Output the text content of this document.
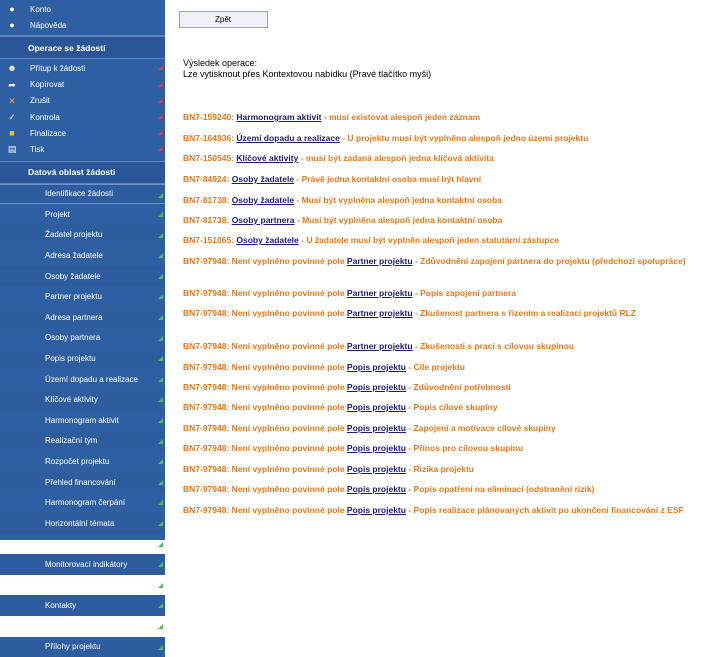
● Konto
● Nápověda
Operace se žádostí
☻ Přítup k žádosti
➦ Kopírovat
✕ Zrušit
✓ Kontrola
■ Finalizace
▤ Tisk
Datová oblast žádosti
Identifikace žádosti
Projekt
Žadatel projektu
Adresa žadatele
Osoby žadatele
Partner projektu
Adresa partnera
Osoby partnera
Popis projektu
Území dopadu a realizace
Klíčové aktivity
Harmonogram aktivit
Realizační tým
Rozpočet projektu
Přehled financování
Harmonogram čerpání
Horizontální témata
Veřejná podpora
Monitorovací indikátory
Výběrová řízení
Kontakty
Další projekty
Přílohy projektu
Zpět
Výsledek operace:
Lze vytisknout přes Kontextovou nabídku (Pravé tlačítko myši)
BN7-159240: Harmonogram aktivit - musí existovat alespoň jeden záznam
BN7-164936: Území dopadu a realizace - U projektu musí být vyplněno alespoň jedno území projektu
BN7-150545: Klíčové aktivity - musí být zadaná alespoň jedna klíčová aktivita
BN7-84924: Osoby žadatele - Právě jedna kontaktní osoba musí být hlavní
BN7-81738: Osoby žadatele - Musí být vyplněna alespoň jedna kontaktní osoba
BN7-81738: Osoby partnera - Musí být vyplněna alespoň jedna kontaktní osoba
BN7-151065: Osoby žadatele - U žadatele musí být vyplněn alespoň jeden statutární zástupce
BN7-97948: Není vyplněno povinné pole Partner projektu - Zdůvodnění zapojení partnera do projektu (předchozí spolupráce)
BN7-97948: Není vyplněno povinné pole Partner projektu - Popis zapojení partnera
BN7-97948: Není vyplněno povinné pole Partner projektu - Zkušenost partnera s řízením a realizací projektů RLZ
BN7-97948: Není vyplněno povinné pole Partner projektu - Zkušenosti s prací s cílovou skupinou
BN7-97948: Není vyplněno povinné pole Popis projektu - Cíle projektu
BN7-97948: Není vyplněno povinné pole Popis projektu - Zdůvodnění potřebnosti
BN7-97948: Není vyplněno povinné pole Popis projektu - Popis cílové skupiny
BN7-97948: Není vyplněno povinné pole Popis projektu - Zapojení a motivace cílové skupiny
BN7-97948: Není vyplněno povinné pole Popis projektu - Přínos pro cílovou skupinu
BN7-97948: Není vyplněno povinné pole Popis projektu - Rizika projektu
BN7-97948: Není vyplněno povinné pole Popis projektu - Popis opatření na eliminaci (odstranění rizik)
BN7-97948: Není vyplněno povinné pole Popis projektu - Popis realizace plánovaných aktivit po ukončení financování z ESF
